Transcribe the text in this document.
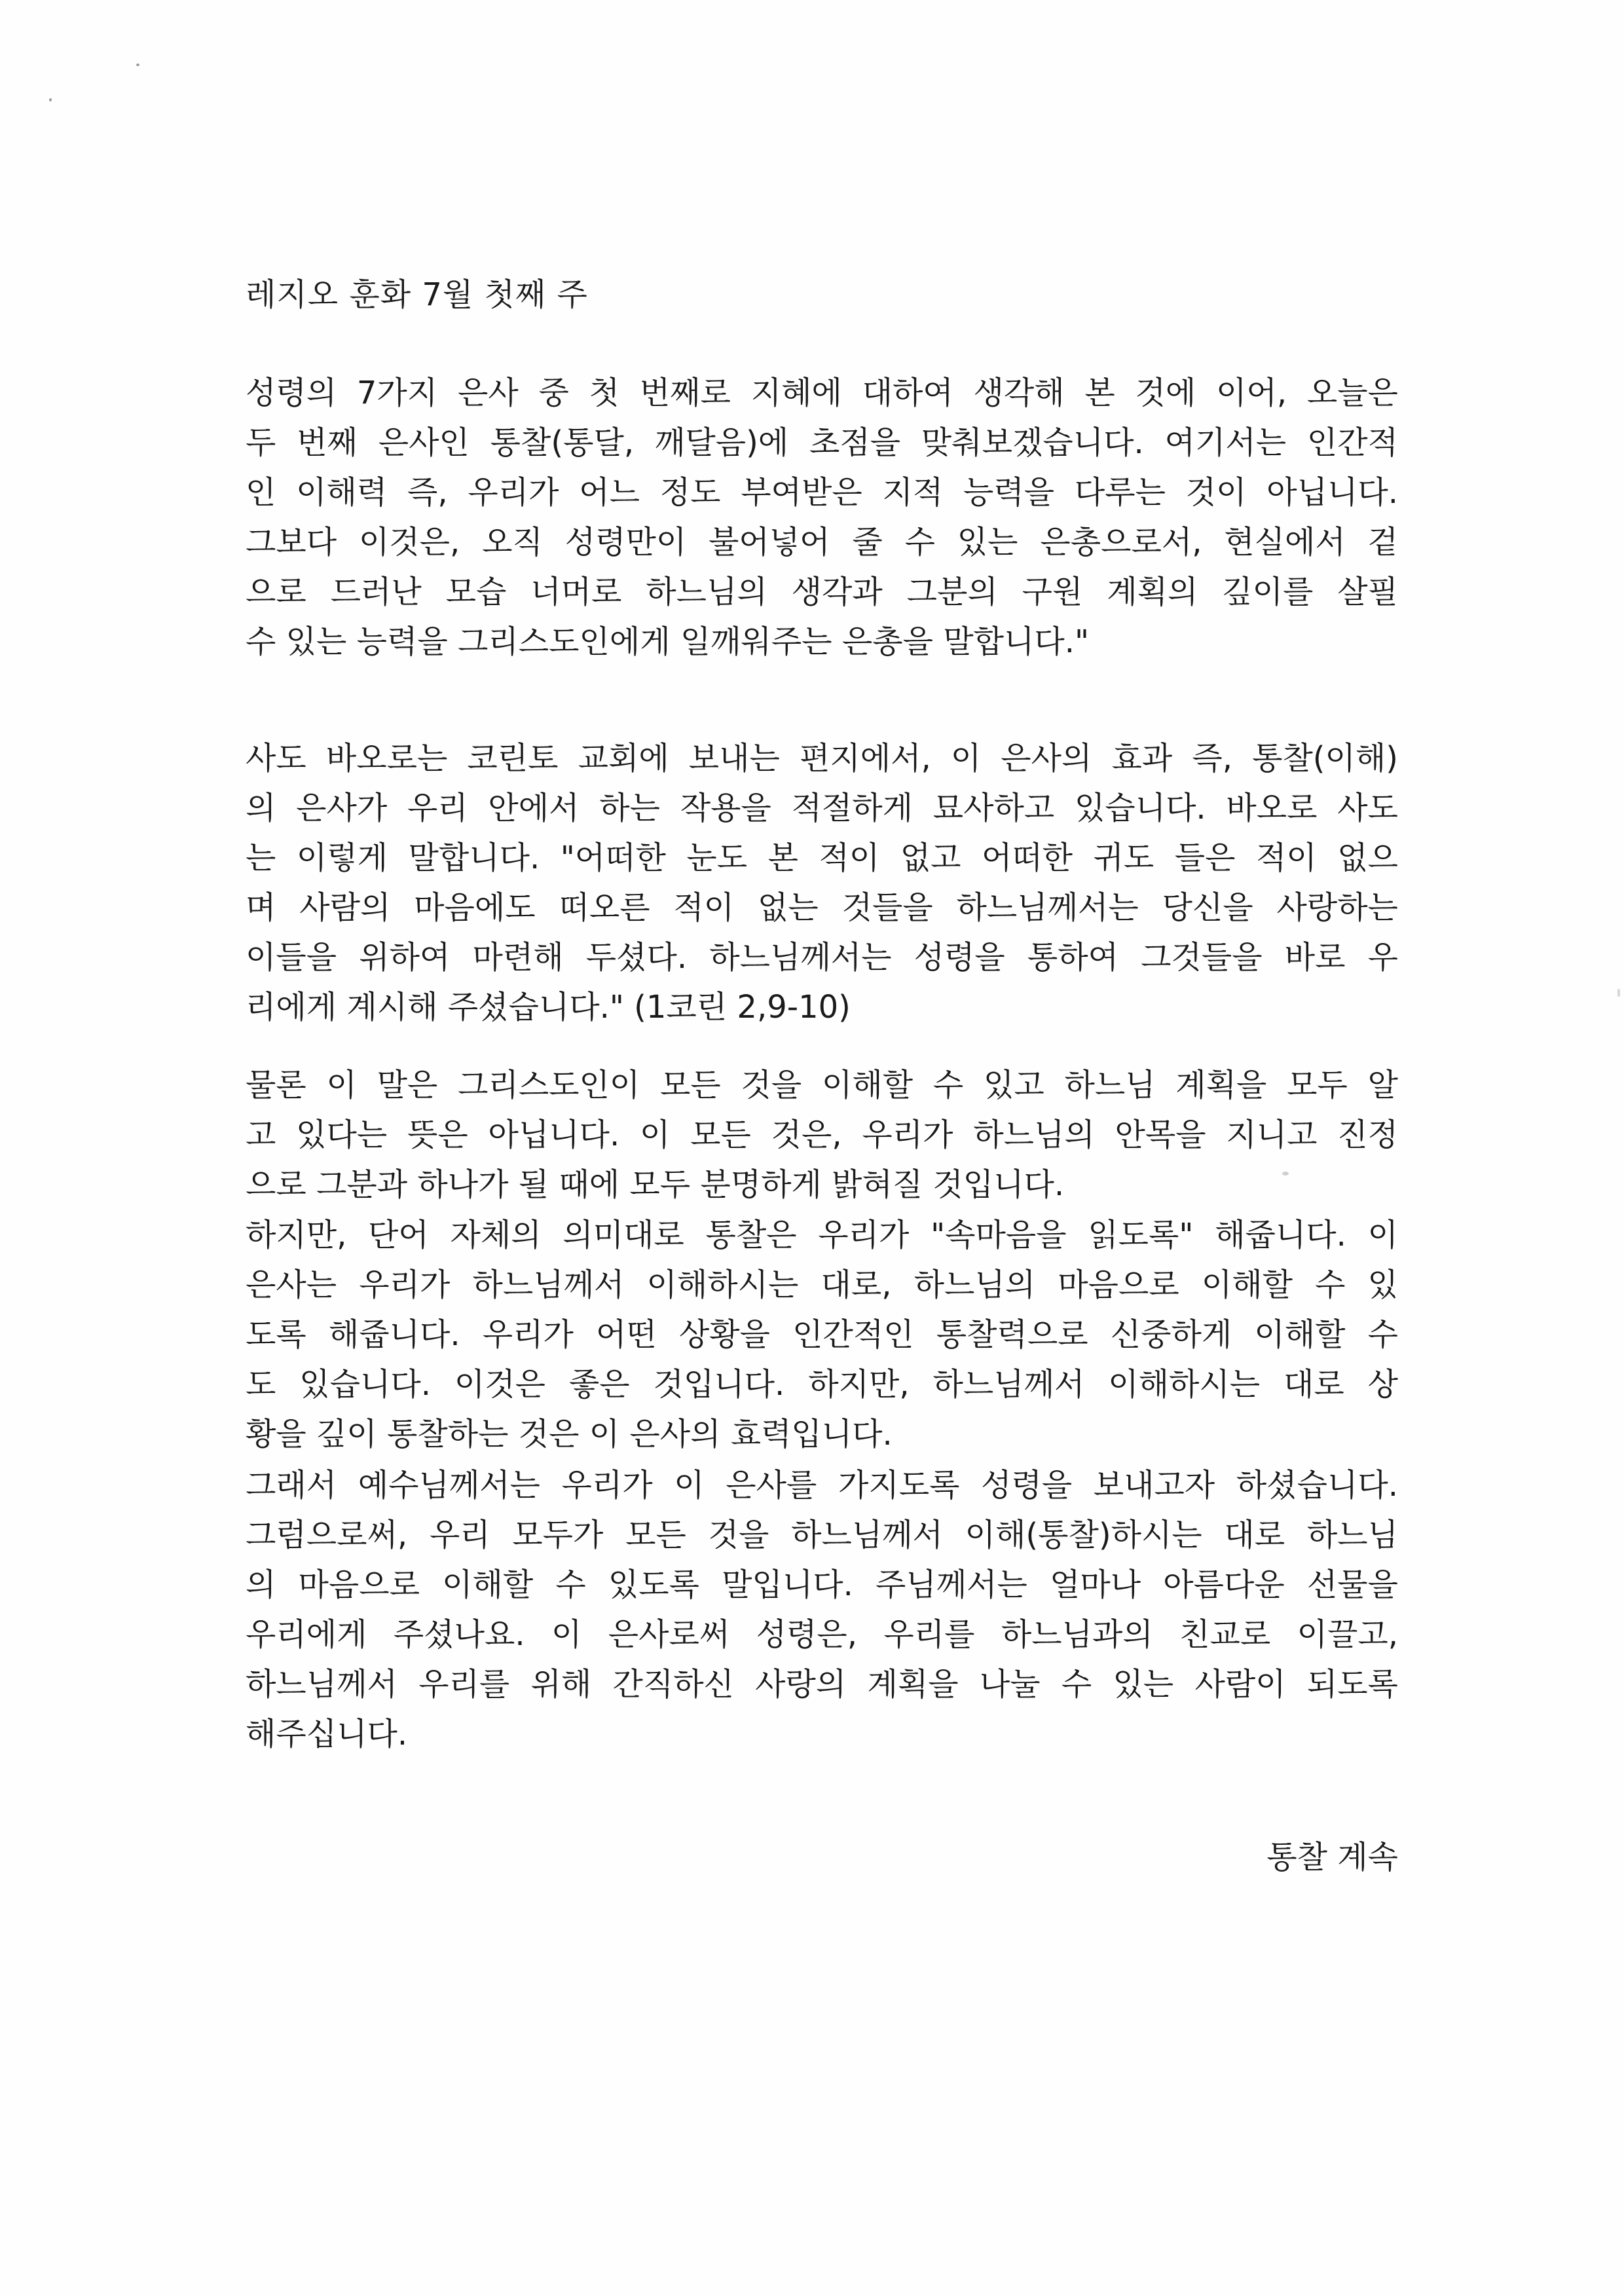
레지오 훈화 7월 첫째 주
성령의 7가지 은사 중 첫 번째로 지혜에 대하여 생각해 본 것에 이어, 오늘은
두 번째 은사인 통찰(통달, 깨달음)에 초점을 맞춰보겠습니다. 여기서는 인간적
인 이해력 즉, 우리가 어느 정도 부여받은 지적 능력을 다루는 것이 아닙니다.
그보다 이것은, 오직 성령만이 불어넣어 줄 수 있는 은총으로서, 현실에서 겉
으로 드러난 모습 너머로 하느님의 생각과 그분의 구원 계획의 깊이를 살필
수 있는 능력을 그리스도인에게 일깨워주는 은총을 말합니다."
사도 바오로는 코린토 교회에 보내는 편지에서, 이 은사의 효과 즉, 통찰(이해)
의 은사가 우리 안에서 하는 작용을 적절하게 묘사하고 있습니다. 바오로 사도
는 이렇게 말합니다. "어떠한 눈도 본 적이 없고 어떠한 귀도 들은 적이 없으
며 사람의 마음에도 떠오른 적이 없는 것들을 하느님께서는 당신을 사랑하는
이들을 위하여 마련해 두셨다. 하느님께서는 성령을 통하여 그것들을 바로 우
리에게 계시해 주셨습니다." (1코린 2,9-10)
물론 이 말은 그리스도인이 모든 것을 이해할 수 있고 하느님 계획을 모두 알
고 있다는 뜻은 아닙니다. 이 모든 것은, 우리가 하느님의 안목을 지니고 진정
으로 그분과 하나가 될 때에 모두 분명하게 밝혀질 것입니다.
하지만, 단어 자체의 의미대로 통찰은 우리가 "속마음을 읽도록" 해줍니다. 이
은사는 우리가 하느님께서 이해하시는 대로, 하느님의 마음으로 이해할 수 있
도록 해줍니다. 우리가 어떤 상황을 인간적인 통찰력으로 신중하게 이해할 수
도 있습니다. 이것은 좋은 것입니다. 하지만, 하느님께서 이해하시는 대로 상
황을 깊이 통찰하는 것은 이 은사의 효력입니다.
그래서 예수님께서는 우리가 이 은사를 가지도록 성령을 보내고자 하셨습니다.
그럼으로써, 우리 모두가 모든 것을 하느님께서 이해(통찰)하시는 대로 하느님
의 마음으로 이해할 수 있도록 말입니다. 주님께서는 얼마나 아름다운 선물을
우리에게 주셨나요. 이 은사로써 성령은, 우리를 하느님과의 친교로 이끌고,
하느님께서 우리를 위해 간직하신 사랑의 계획을 나눌 수 있는 사람이 되도록
해주십니다.
통찰 계속
